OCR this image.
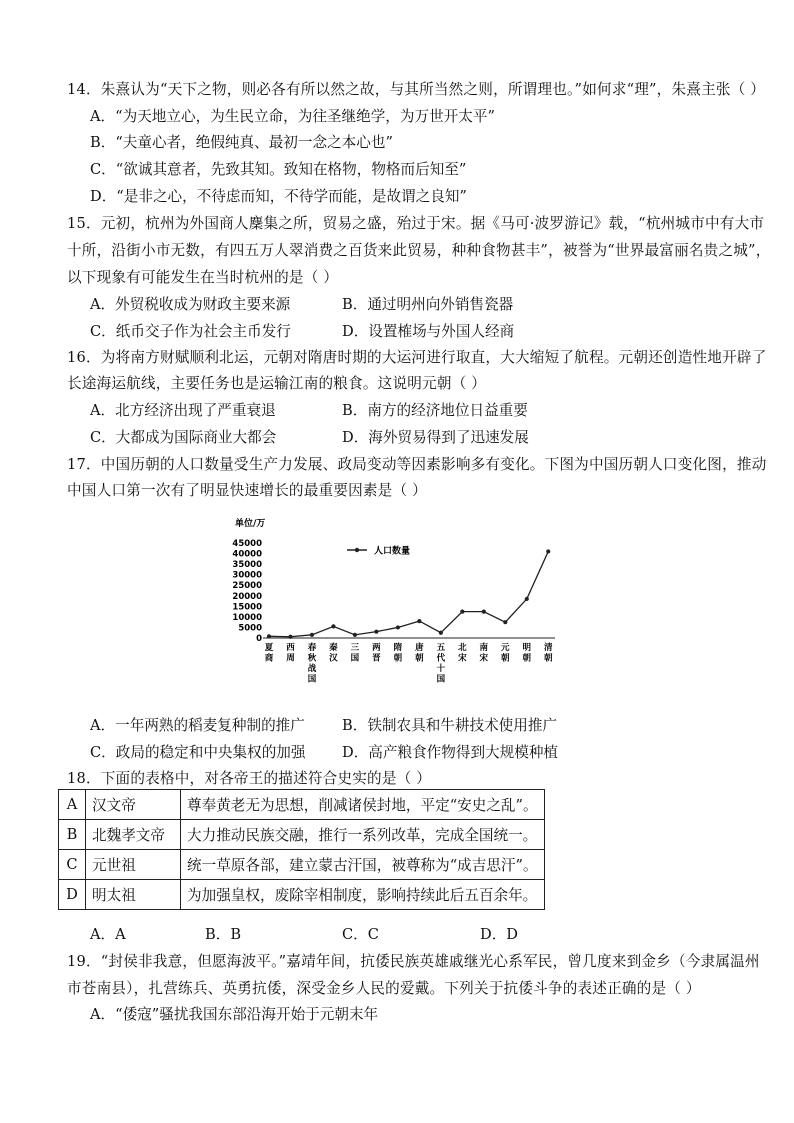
14．朱熹认为“天下之物，则必各有所以然之故，与其所当然之则，所谓理也。”如何求“理”，朱熹主张（ ）
A．“为天地立心，为生民立命，为往圣继绝学，为万世开太平”
B．“夫童心者，绝假纯真、最初一念之本心也”
C．“欲诚其意者，先致其知。致知在格物，物格而后知至”
D．“是非之心，不待虑而知，不待学而能，是故谓之良知”
15．元初，杭州为外国商人麇集之所，贸易之盛，殆过于宋。据《马可·波罗游记》载，“杭州城市中有大市
十所，沿街小市无数，有四五万人翠消费之百货来此贸易，种种食物甚丰”，被誉为“世界最富丽名贵之城”，
以下现象有可能发生在当时杭州的是（ ）
A．外贸税收成为财政主要来源	B．通过明州向外销售瓷器
C．纸币交子作为社会主币发行	D．设置榷场与外国人经商
16．为将南方财赋顺利北运，元朝对隋唐时期的大运河进行取直，大大缩短了航程。元朝还创造性地开辟了
长途海运航线，主要任务也是运输江南的粮食。这说明元朝（ ）
A．北方经济出现了严重衰退	B．南方的经济地位日益重要
C．大都成为国际商业大都会	D．海外贸易得到了迅速发展
17．中国历朝的人口数量受生产力发展、政局变动等因素影响多有变化。下图为中国历朝人口变化图，推动
中国人口第一次有了明显快速增长的最重要因素是（ ）
单位/万
0
5000
10000
15000
20000
25000
30000
35000
40000
45000
夏商
西周
春秋战国
秦汉
三国
两晋
隋朝
唐朝
五代十国
北宋
南宋
元朝
明朝
清朝
人口数量
A．一年两熟的稻麦复种制的推广	B．铁制农具和牛耕技术使用推广
C．政局的稳定和中央集权的加强	D．高产粮食作物得到大规模种植
18．下面的表格中，对各帝王的描述符合史实的是（ ）
A	汉文帝	尊奉黄老无为思想，削减诸侯封地，平定“安史之乱”。
B	北魏孝文帝	大力推动民族交融，推行一系列改革，完成全国统一。
C	元世祖	统一草原各部，建立蒙古汗国，被尊称为“成吉思汗”。
D	明太祖	为加强皇权，废除宰相制度，影响持续此后五百余年。
A．A	B．B	C．C	D．D
19．“封侯非我意，但愿海波平。”嘉靖年间，抗倭民族英雄戚继光心系军民，曾几度来到金乡（今隶属温州
市苍南县），扎营练兵、英勇抗倭，深受金乡人民的爱戴。下列关于抗倭斗争的表述正确的是（ ）
A．“倭寇”骚扰我国东部沿海开始于元朝末年
